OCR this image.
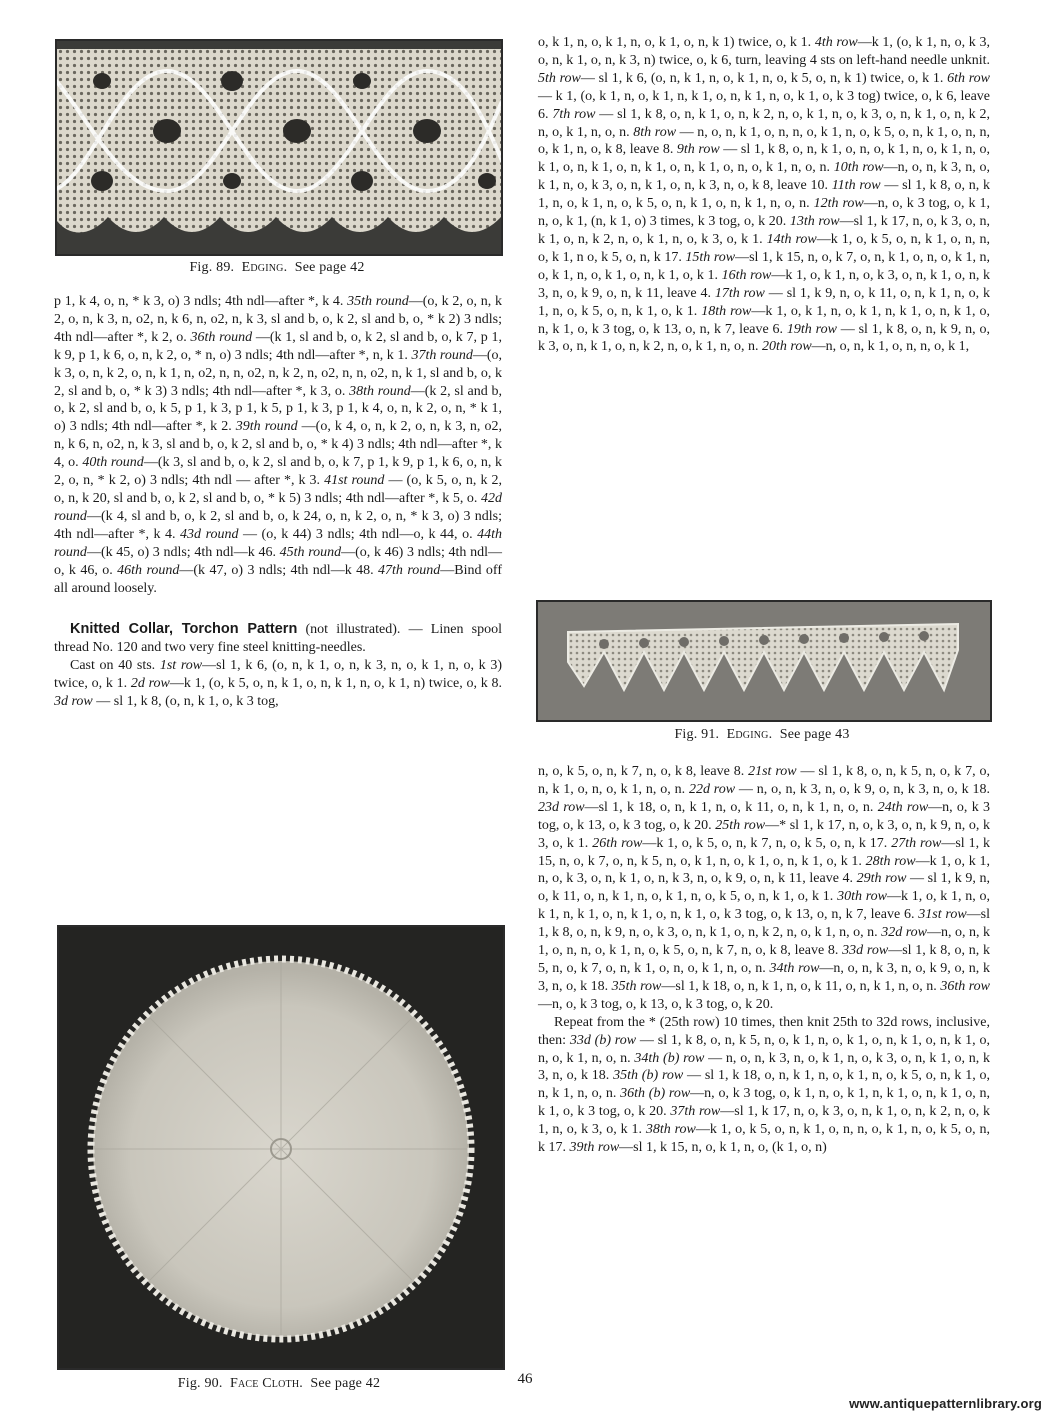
Fig. 89. Edging. See page 42

p 1, k 4, o, n, * k 3, o) 3 ndls; 4th ndl—after *, k 4. 35th round—(o, k 2, o, n, k 2, o, n, k 3, n, o2, n, k 6, n, o2, n, k 3, sl and b, o, k 2, sl and b, o, * k 2) 3 ndls; 4th ndl—after *, k 2, o. 36th round —(k 1, sl and b, o, k 2, sl and b, o, k 7, p 1, k 9, p 1, k 6, o, n, k 2, o, * n, o) 3 ndls; 4th ndl—after *, n, k 1. 37th round—(o, k 3, o, n, k 2, o, n, k 1, n, o2, n, n, o2, n, k 2, n, o2, n, n, o2, n, k 1, sl and b, o, k 2, sl and b, o, * k 3) 3 ndls; 4th ndl—after *, k 3, o. 38th round—(k 2, sl and b, o, k 2, sl and b, o, k 5, p 1, k 3, p 1, k 5, p 1, k 3, p 1, k 4, o, n, k 2, o, n, * k 1, o) 3 ndls; 4th ndl—after *, k 2. 39th round —(o, k 4, o, n, k 2, o, n, k 3, n, o2, n, k 6, n, o2, n, k 3, sl and b, o, k 2, sl and b, o, * k 4) 3 ndls; 4th ndl—after *, k 4, o. 40th round—(k 3, sl and b, o, k 2, sl and b, o, k 7, p 1, k 9, p 1, k 6, o, n, k 2, o, n, * k 2, o) 3 ndls; 4th ndl — after *, k 3. 41st round — (o, k 5, o, n, k 2, o, n, k 20, sl and b, o, k 2, sl and b, o, * k 5) 3 ndls; 4th ndl—after *, k 5, o. 42d round—(k 4, sl and b, o, k 2, sl and b, o, k 24, o, n, k 2, o, n, * k 3, o) 3 ndls; 4th ndl—after *, k 4. 43d round — (o, k 44) 3 ndls; 4th ndl—o, k 44, o. 44th round—(k 45, o) 3 ndls; 4th ndl—k 46. 45th round—(o, k 46) 3 ndls; 4th ndl—o, k 46, o. 46th round—(k 47, o) 3 ndls; 4th ndl—k 48. 47th round—Bind off all around loosely.

Knitted Collar, Torchon Pattern (not illustrated). — Linen spool thread No. 120 and two very fine steel knitting-needles.

Cast on 40 sts. 1st row—sl 1, k 6, (o, n, k 1, o, n, k 3, n, o, k 1, n, o, k 3) twice, o, k 1. 2d row—k 1, (o, k 5, o, n, k 1, o, n, k 1, n, o, k 1, n) twice, o, k 8. 3d row — sl 1, k 8, (o, n, k 1, o, k 3 tog,

Fig. 90. Face Cloth. See page 42

o, k 1, n, o, k 1, n, o, k 1, o, n, k 1) twice, o, k 1. 4th row—k 1, (o, k 1, n, o, k 3, o, n, k 1, o, n, k 3, n) twice, o, k 6, turn, leaving 4 sts on left-hand needle unknit. 5th row— sl 1, k 6, (o, n, k 1, n, o, k 1, n, o, k 5, o, n, k 1) twice, o, k 1. 6th row — k 1, (o, k 1, n, o, k 1, n, k 1, o, n, k 1, n, o, k 1, o, k 3 tog) twice, o, k 6, leave 6. 7th row — sl 1, k 8, o, n, k 1, o, n, k 2, n, o, k 1, n, o, k 3, o, n, k 1, o, n, k 2, n, o, k 1, n, o, n. 8th row — n, o, n, k 1, o, n, n, o, k 1, n, o, k 5, o, n, k 1, o, n, n, o, k 1, n, o, k 8, leave 8. 9th row — sl 1, k 8, o, n, k 1, o, n, o, k 1, n, o, k 1, n, o, k 1, o, n, k 1, o, n, k 1, o, n, k 1, o, n, o, k 1, n, o, n. 10th row—n, o, n, k 3, n, o, k 1, n, o, k 3, o, n, k 1, o, n, k 3, n, o, k 8, leave 10. 11th row — sl 1, k 8, o, n, k 1, n, o, k 1, n, o, k 5, o, n, k 1, o, n, k 1, n, o, n. 12th row—n, o, k 3 tog, o, k 1, n, o, k 1, (n, k 1, o) 3 times, k 3 tog, o, k 20. 13th row—sl 1, k 17, n, o, k 3, o, n, k 1, o, n, k 2, n, o, k 1, n, o, k 3, o, k 1. 14th row—k 1, o, k 5, o, n, k 1, o, n, n, o, k 1, n o, k 5, o, n, k 17. 15th row—sl 1, k 15, n, o, k 7, o, n, k 1, o, n, o, k 1, n, o, k 1, n, o, k 1, o, n, k 1, o, k 1. 16th row—k 1, o, k 1, n, o, k 3, o, n, k 1, o, n, k 3, n, o, k 9, o, n, k 11, leave 4. 17th row — sl 1, k 9, n, o, k 11, o, n, k 1, n, o, k 1, n, o, k 5, o, n, k 1, o, k 1. 18th row—k 1, o, k 1, n, o, k 1, n, k 1, o, n, k 1, o, n, k 1, o, k 3 tog, o, k 13, o, n, k 7, leave 6. 19th row — sl 1, k 8, o, n, k 9, n, o, k 3, o, n, k 1, o, n, k 2, n, o, k 1, n, o, n. 20th row—n, o, n, k 1, o, n, n, o, k 1,

Fig. 91. Edging. See page 43

n, o, k 5, o, n, k 7, n, o, k 8, leave 8. 21st row — sl 1, k 8, o, n, k 5, n, o, k 7, o, n, k 1, o, n, o, k 1, n, o, n. 22d row — n, o, n, k 3, n, o, k 9, o, n, k 3, n, o, k 18. 23d row—sl 1, k 18, o, n, k 1, n, o, k 11, o, n, k 1, n, o, n. 24th row—n, o, k 3 tog, o, k 13, o, k 3 tog, o, k 20. 25th row—* sl 1, k 17, n, o, k 3, o, n, k 9, n, o, k 3, o, k 1. 26th row—k 1, o, k 5, o, n, k 7, n, o, k 5, o, n, k 17. 27th row—sl 1, k 15, n, o, k 7, o, n, k 5, n, o, k 1, n, o, k 1, o, n, k 1, o, k 1. 28th row—k 1, o, k 1, n, o, k 3, o, n, k 1, o, n, k 3, n, o, k 9, o, n, k 11, leave 4. 29th row — sl 1, k 9, n, o, k 11, o, n, k 1, n, o, k 1, n, o, k 5, o, n, k 1, o, k 1. 30th row—k 1, o, k 1, n, o, k 1, n, k 1, o, n, k 1, o, n, k 1, o, k 3 tog, o, k 13, o, n, k 7, leave 6. 31st row—sl 1, k 8, o, n, k 9, n, o, k 3, o, n, k 1, o, n, k 2, n, o, k 1, n, o, n. 32d row—n, o, n, k 1, o, n, n, o, k 1, n, o, k 5, o, n, k 7, n, o, k 8, leave 8. 33d row—sl 1, k 8, o, n, k 5, n, o, k 7, o, n, k 1, o, n, o, k 1, n, o, n. 34th row—n, o, n, k 3, n, o, k 9, o, n, k 3, n, o, k 18. 35th row—sl 1, k 18, o, n, k 1, n, o, k 11, o, n, k 1, n, o, n. 36th row—n, o, k 3 tog, o, k 13, o, k 3 tog, o, k 20.

Repeat from the * (25th row) 10 times, then knit 25th to 32d rows, inclusive, then: 33d (b) row — sl 1, k 8, o, n, k 5, n, o, k 1, n, o, k 1, o, n, k 1, o, n, k 1, o, n, o, k 1, n, o, n. 34th (b) row — n, o, n, k 3, n, o, k 1, n, o, k 3, o, n, k 1, o, n, k 3, n, o, k 18. 35th (b) row — sl 1, k 18, o, n, k 1, n, o, k 1, n, o, k 5, o, n, k 1, o, n, k 1, n, o, n. 36th (b) row—n, o, k 3 tog, o, k 1, n, o, k 1, n, k 1, o, n, k 1, o, n, k 1, o, k 3 tog, o, k 20. 37th row—sl 1, k 17, n, o, k 3, o, n, k 1, o, n, k 2, n, o, k 1, n, o, k 3, o, k 1. 38th row—k 1, o, k 5, o, n, k 1, o, n, n, o, k 1, n, o, k 5, o, n, k 17. 39th row—sl 1, k 15, n, o, k 1, n, o, (k 1, o, n)

46
www.antiquepatternlibrary.org
